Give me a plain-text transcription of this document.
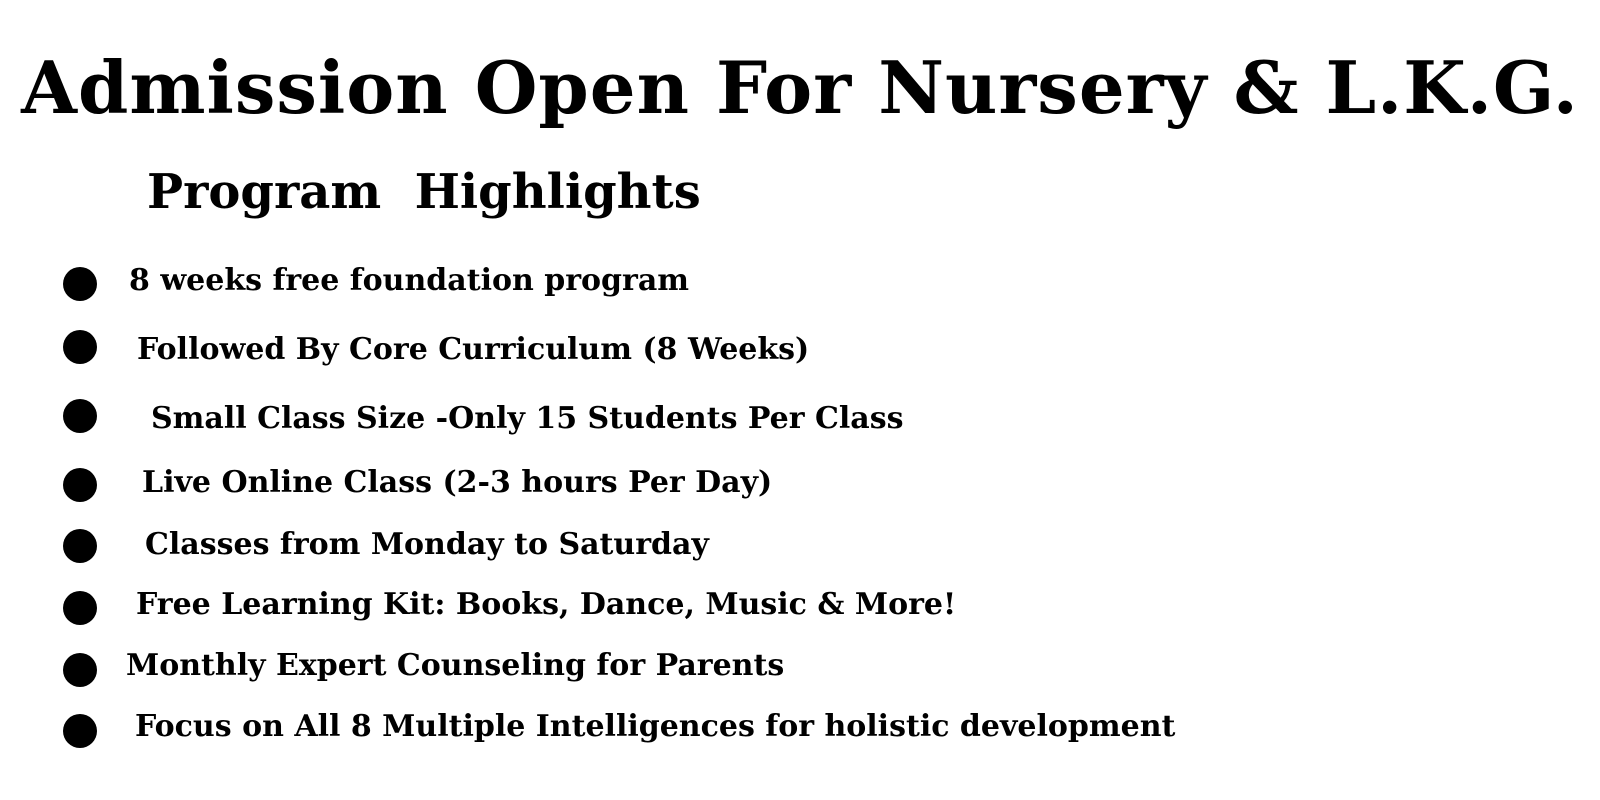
Admission Open For Nursery & L.K.G.
Program  Highlights
8 weeks free foundation program
Followed By Core Curriculum (8 Weeks)
Small Class Size -Only 15 Students Per Class
Live Online Class (2-3 hours Per Day)
Classes from Monday to Saturday
Free Learning Kit: Books, Dance, Music & More!
Monthly Expert Counseling for Parents
Focus on All 8 Multiple Intelligences for holistic development
